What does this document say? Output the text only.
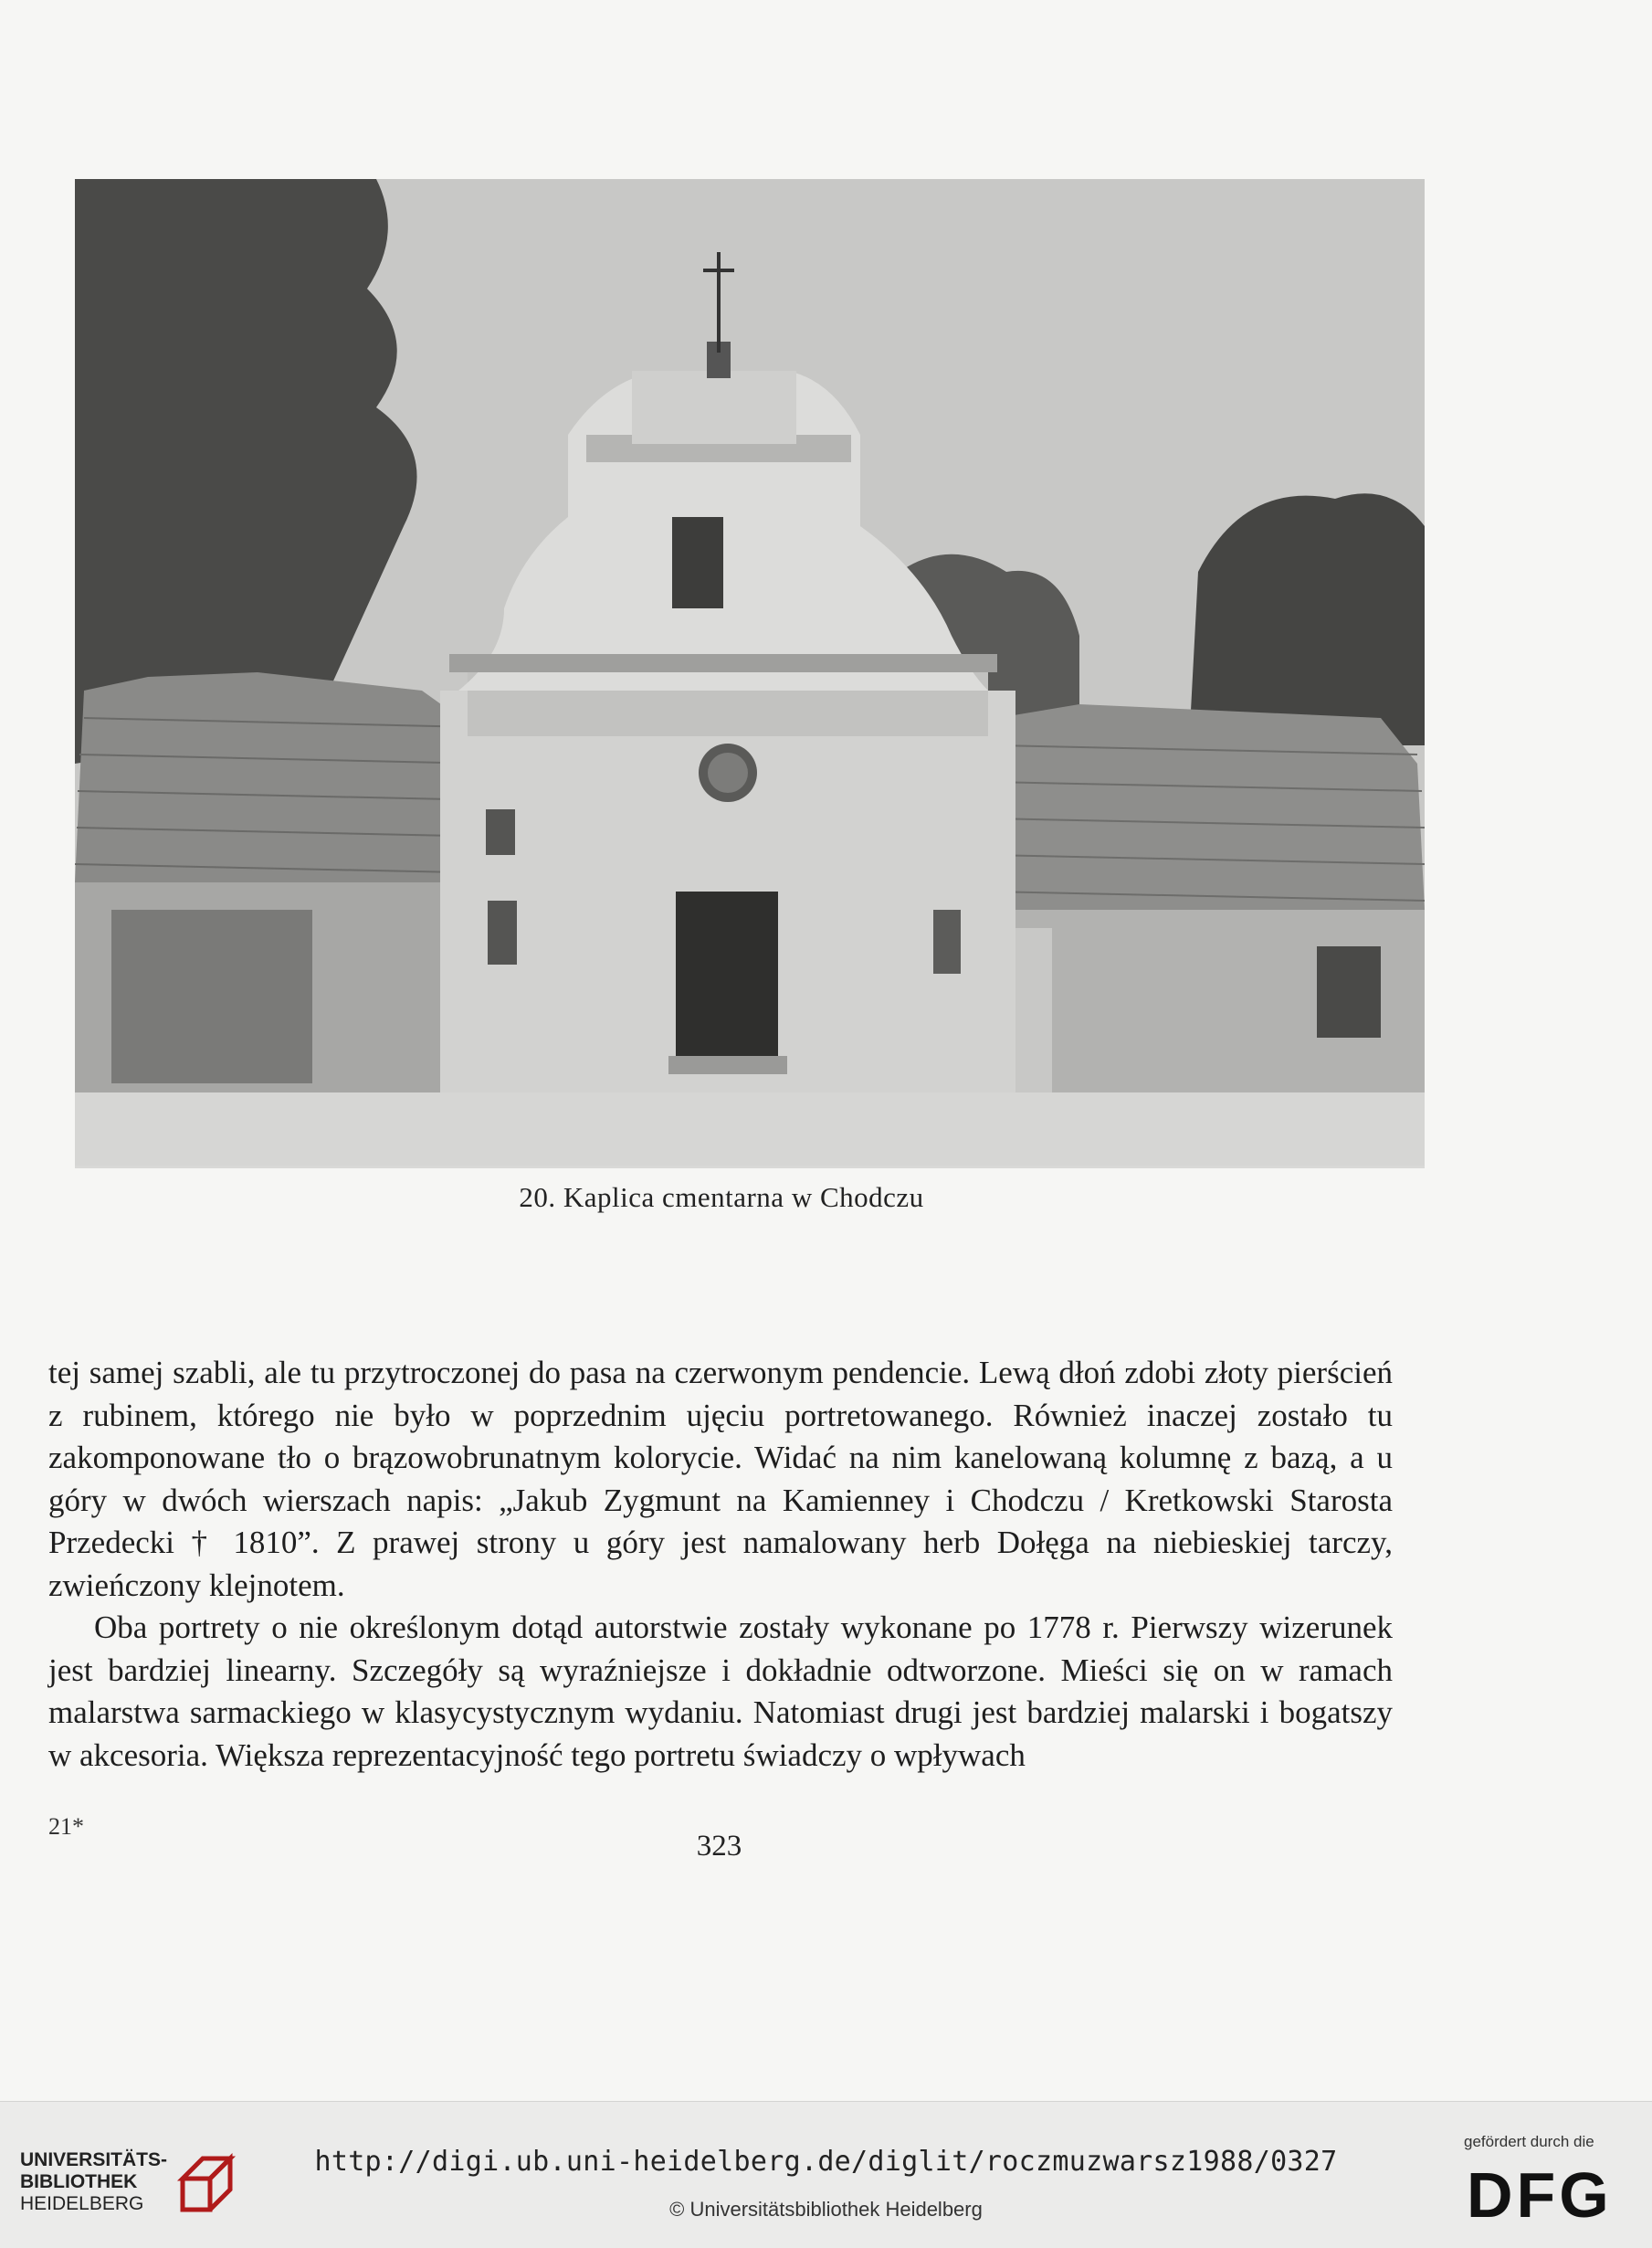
20. Kaplica cmentarna w Chodczu

tej samej szabli, ale tu przytroczonej do pasa na czerwonym pendencie. Lewą dłoń zdobi złoty pierścień z rubinem, którego nie było w poprzednim ujęciu portretowanego. Również inaczej zostało tu zakomponowane tło o brązowobrunatnym kolorycie. Widać na nim kanelowaną kolumnę z bazą, a u góry w dwóch wierszach napis: „Jakub Zygmunt na Kamienney i Chodczu / Kretkowski Starosta Przedecki † 1810”. Z prawej strony u góry jest namalowany herb Dołęga na niebieskiej tarczy, zwieńczony klejnotem.

Oba portrety o nie określonym dotąd autorstwie zostały wykonane po 1778 r. Pierwszy wizerunek jest bardziej linearny. Szczegóły są wyraźniejsze i dokładnie odtworzone. Mieści się on w ramach malarstwa sarmackiego w klasycystycznym wydaniu. Natomiast drugi jest bardziej malarski i bogatszy w akcesoria. Większa reprezentacyjność tego portretu świadczy o wpływach

21*
323
UNIVERSITÄTS-
BIBLIOTHEK
HEIDELBERG
http://digi.ub.uni-heidelberg.de/diglit/roczmuzwarsz1988/0327
© Universitätsbibliothek Heidelberg
gefördert durch die
DFG
